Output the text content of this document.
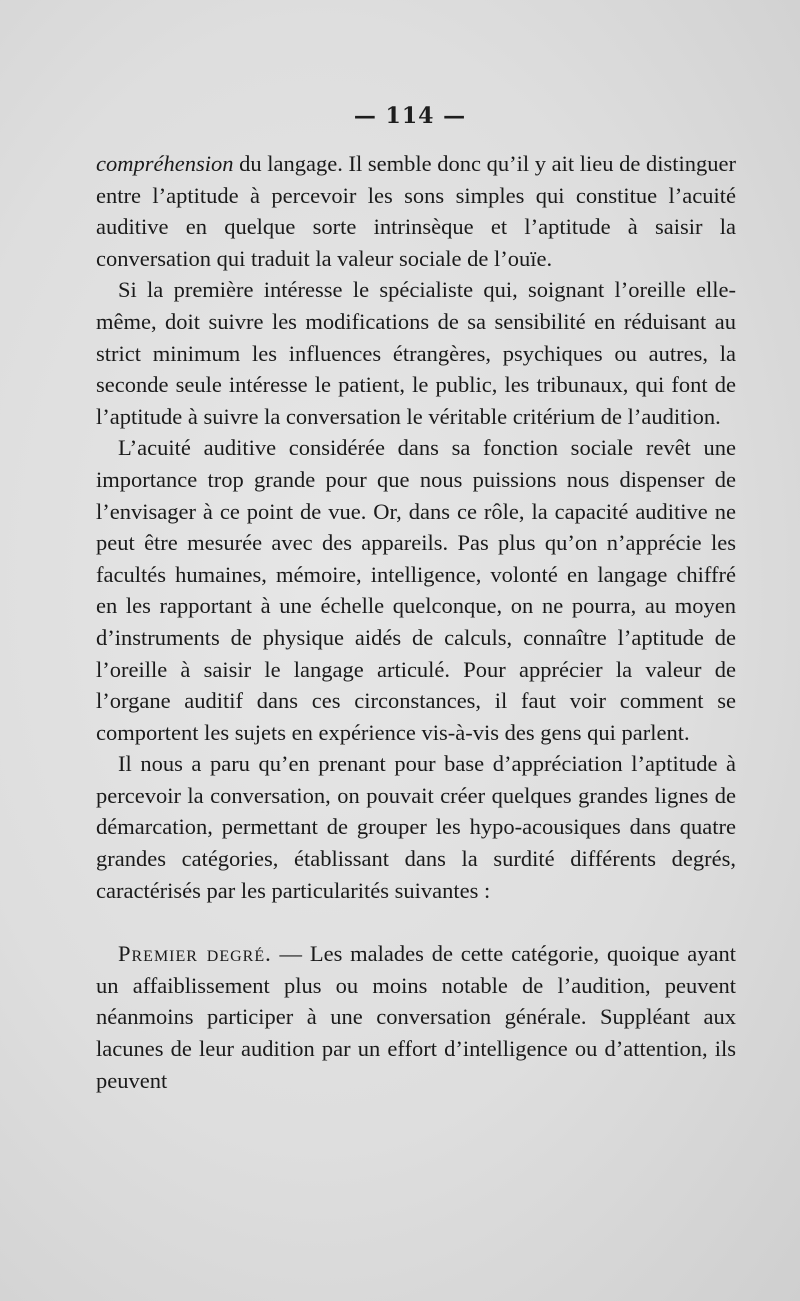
— 114 —

compréhension du langage. Il semble donc qu’il y ait lieu de distinguer entre l’aptitude à percevoir les sons simples qui constitue l’acuité auditive en quelque sorte intrinsèque et l’aptitude à saisir la conversation qui traduit la valeur sociale de l’ouïe.

Si la première intéresse le spécialiste qui, soignant l’oreille elle-même, doit suivre les modifications de sa sensibilité en réduisant au strict minimum les influences étrangères, psychiques ou autres, la seconde seule intéresse le patient, le public, les tribunaux, qui font de l’aptitude à suivre la conversation le véritable critérium de l’audition.

L’acuité auditive considérée dans sa fonction sociale revêt une importance trop grande pour que nous puissions nous dispenser de l’envisager à ce point de vue. Or, dans ce rôle, la capacité auditive ne peut être mesurée avec des appareils. Pas plus qu’on n’apprécie les facultés humaines, mémoire, intelligence, volonté en langage chiffré en les rapportant à une échelle quelconque, on ne pourra, au moyen d’instruments de physique aidés de calculs, connaître l’aptitude de l’oreille à saisir le langage articulé. Pour apprécier la valeur de l’organe auditif dans ces circonstances, il faut voir comment se comportent les sujets en expérience vis-à-vis des gens qui parlent.

Il nous a paru qu’en prenant pour base d’appréciation l’aptitude à percevoir la conversation, on pouvait créer quelques grandes lignes de démarcation, permettant de grouper les hypo-acousiques dans quatre grandes catégories, établissant dans la surdité différents degrés, caractérisés par les particularités suivantes :

Premier degré. — Les malades de cette catégorie, quoique ayant un affaiblissement plus ou moins notable de l’audition, peuvent néanmoins participer à une conversation générale. Suppléant aux lacunes de leur audition par un effort d’intelligence ou d’attention, ils peuvent
